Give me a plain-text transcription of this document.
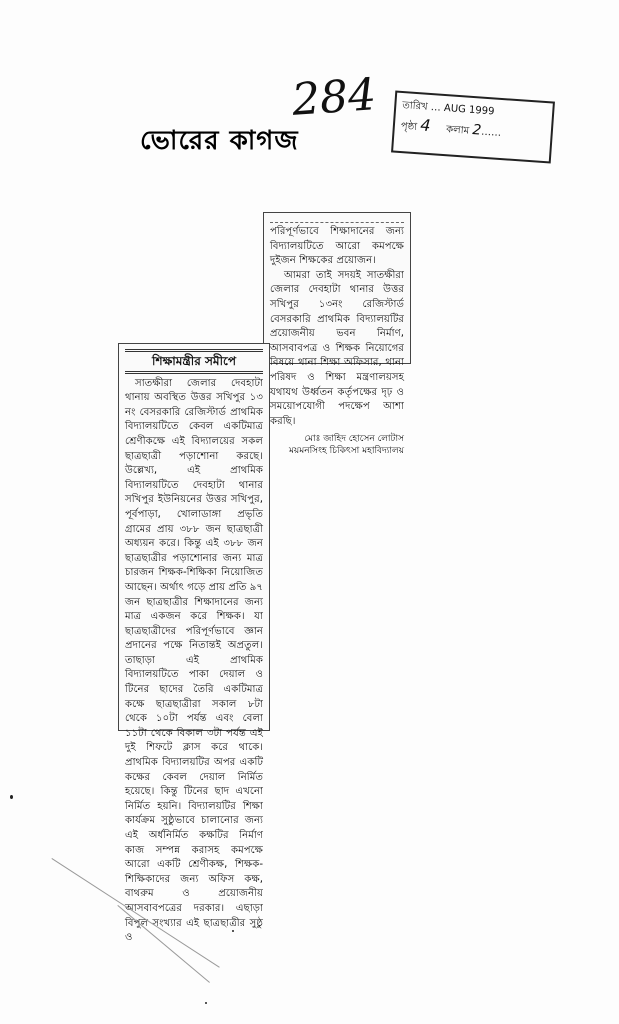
ভোরের কাগজ
284 তারিখ … AUG 1999
পৃষ্ঠা 4 কলাম 2……

পরিপূর্ণভাবে শিক্ষাদানের জন্য বিদ্যালয়টিতে আরো কমপক্ষে দুইজন শিক্ষকের প্রয়োজন।

আমরা তাই সদয়ই সাতক্ষীরা জেলার দেবহাটা থানার উত্তর সখিপুর ১৩নং রেজিস্টার্ড বেসরকারি প্রাথমিক বিদ্যালয়টির প্রয়োজনীয় ভবন নির্মাণ, আসবাবপত্র ও শিক্ষক নিয়োগের বিষয়ে থানা শিক্ষা অফিসার, থানা পরিষদ ও শিক্ষা মন্ত্রণালয়সহ যথাযথ উর্ধ্বতন কর্তৃপক্ষের দৃঢ় ও সময়োপযোগী পদক্ষেপ আশা করছি।

মোঃ জাহিদ হোসেন লোটাস
ময়মনসিংহ চিকিৎসা মহাবিদ্যালয়
শিক্ষামন্ত্রীর সমীপে

সাতক্ষীরা জেলার দেবহাটা থানায় অবস্থিত উত্তর সখিপুর ১৩ নং বেসরকারি রেজিস্টার্ড প্রাথমিক বিদ্যালয়টিতে কেবল একটিমাত্র শ্রেণীকক্ষে এই বিদ্যালয়ের সকল ছাত্রছাত্রী পড়াশোনা করছে। উল্লেখ্য, এই প্রাথমিক বিদ্যালয়টিতে দেবহাটা থানার সখিপুর ইউনিয়নের উত্তর সখিপুর, পূর্বপাড়া, খোলাডাঙ্গা প্রভৃতি গ্রামের প্রায় ৩৮৮ জন ছাত্রছাত্রী অধ্যয়ন করে। কিন্তু এই ৩৮৮ জন ছাত্রছাত্রীর পড়াশোনার জন্য মাত্র চারজন শিক্ষক-শিক্ষিকা নিয়োজিত আছেন। অর্থাৎ গড়ে প্রায় প্রতি ৯৭ জন ছাত্রছাত্রীর শিক্ষাদানের জন্য মাত্র একজন করে শিক্ষক। যা ছাত্রছাত্রীদের পরিপূর্ণভাবে জ্ঞান প্রদানের পক্ষে নিতান্তই অপ্রতুল। তাছাড়া এই প্রাথমিক বিদ্যালয়টিতে পাকা দেয়াল ও টিনের ছাদের তৈরি একটিমাত্র কক্ষে ছাত্রছাত্রীরা সকাল ৮টা থেকে ১০টা পর্যন্ত এবং বেলা ১১টা থেকে বিকাল ৩টা পর্যন্ত এই দুই শিফটে ক্লাস করে থাকে। প্রাথমিক বিদ্যালয়টির অপর একটি কক্ষের কেবল দেয়াল নির্মিত হয়েছে। কিন্তু টিনের ছাদ এখনো নির্মিত হয়নি। বিদ্যালয়টির শিক্ষা কার্যক্রম সুষ্ঠুভাবে চালানোর জন্য এই অর্ধনির্মিত কক্ষটির নির্মাণ কাজ সম্পন্ন করাসহ কমপক্ষে আরো একটি শ্রেণীকক্ষ, শিক্ষক-শিক্ষিকাদের জন্য অফিস কক্ষ, বাথরুম ও প্রয়োজনীয় আসবাবপত্রের দরকার। এছাড়া বিপুল সংখ্যার এই ছাত্রছাত্রীর সুষ্ঠু ও
